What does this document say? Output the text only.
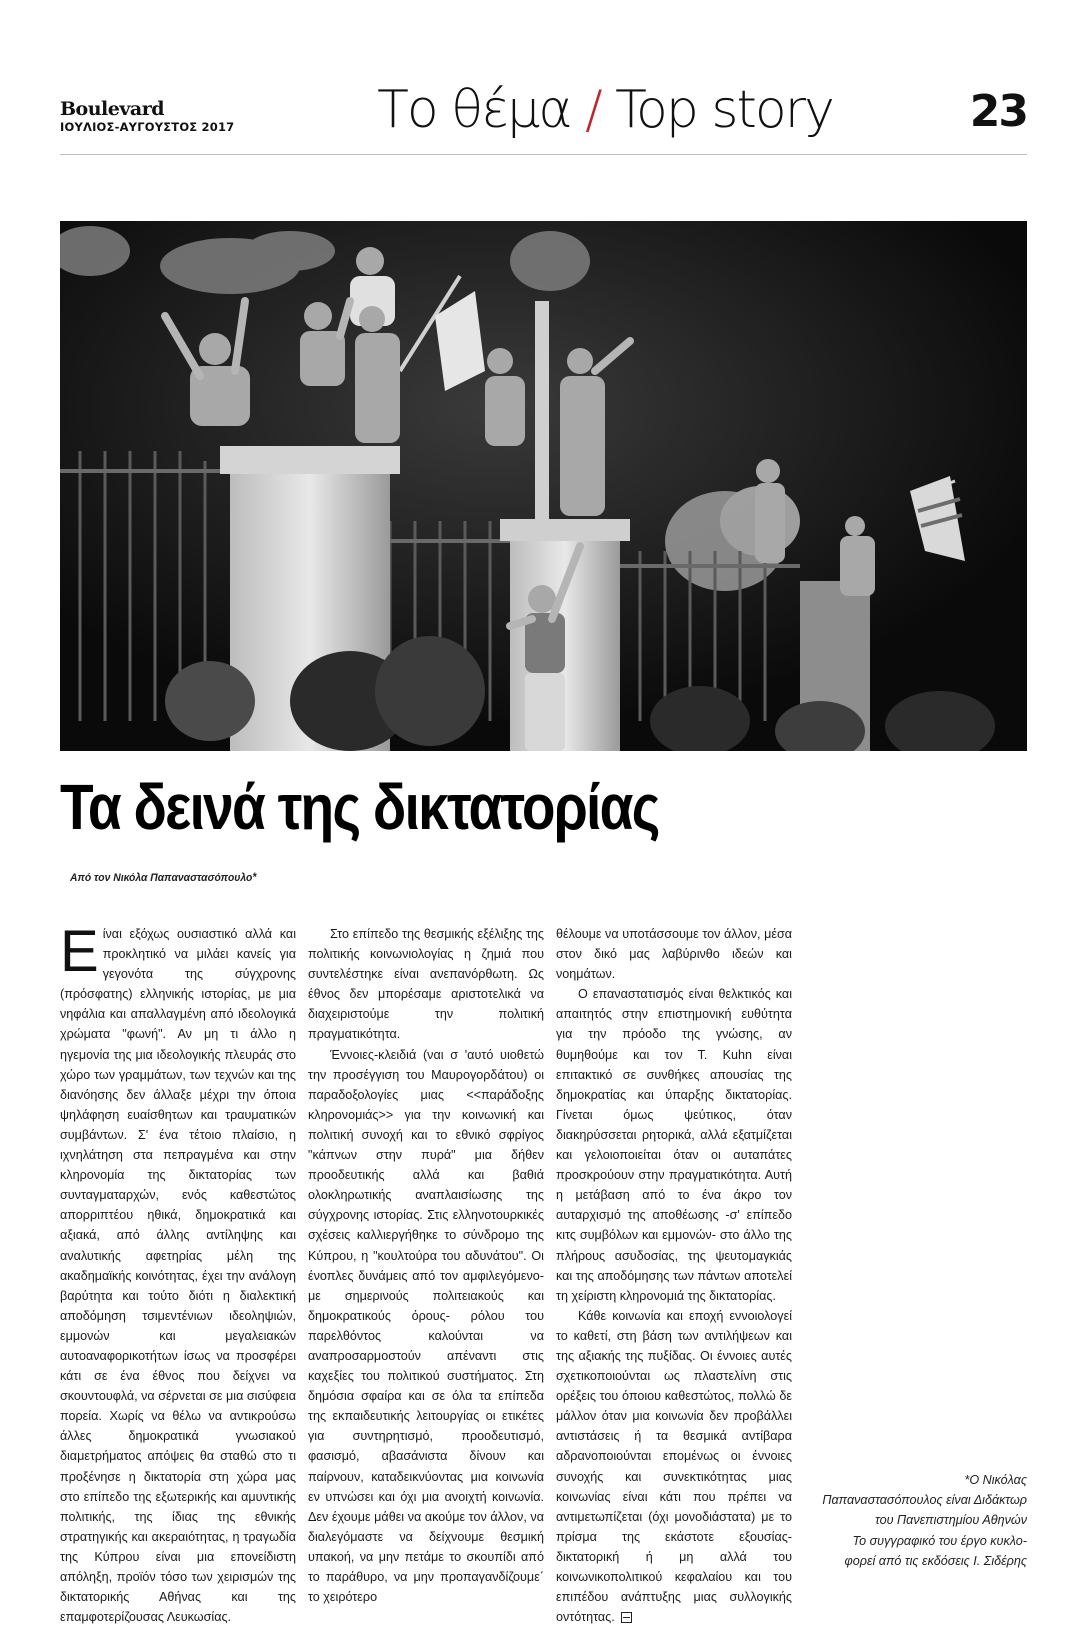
Boulevard
ΙΟΥΛΙΟΣ-ΑΥΓΟΥΣΤΟΣ 2017	Το θέμα / Top story	23
Τα δεινά της δικτατορίας
Από τον Νικόλα Παπαναστασόπουλο*

Είναι εξόχως ουσιαστικό αλλά και προκλητικό να μιλάει κανείς για γεγονότα της σύγχρονης (πρόσφατης) ελληνικής ιστορίας, με μια νηφάλια και απαλλαγμένη από ιδεολογικά χρώματα "φωνή". Αν μη τι άλλο η ηγεμονία της μια ιδεολογικής πλευράς στο χώρο των γραμμάτων, των τεχνών και της διανόησης δεν άλλαξε μέχρι την όποια ψηλάφηση ευαίσθητων και τραυματικών συμβάντων. Σ' ένα τέτοιο πλαίσιο, η ιχνηλάτηση στα πεπραγμένα και στην κληρονομία της δικτατορίας των συνταγματαρχών, ενός καθεστώτος απορριπτέου ηθικά, δημοκρατικά και αξιακά, από άλλης αντίληψης και αναλυτικής αφετηρίας μέλη της ακαδημαϊκής κοινότητας, έχει την ανάλογη βαρύτητα και τούτο διότι η διαλεκτική αποδόμηση τσιμεντένιων ιδεοληψιών, εμμονών και μεγαλειακών αυτοαναφορικοτήτων ίσως να προσφέρει κάτι σε ένα έθνος που δείχνει να σκουντουφλά, να σέρνεται σε μια σισύφεια πορεία. Χωρίς να θέλω να αντικρούσω άλλες δημοκρατικά γνωσιακού διαμετρήματος απόψεις θα σταθώ στο τι προξένησε η δικτατορία στη χώρα μας στο επίπεδο της εξωτερικής και αμυντικής πολιτικής, της ίδιας της εθνικής στρατηγικής και ακεραιότητας, η τραγωδία της Κύπρου είναι μια επονείδιστη απόληξη, προϊόν τόσο των χειρισμών της δικτατορικής Αθήνας και της επαμφοτερίζουσας Λευκωσίας.

Στο επίπεδο της θεσμικής εξέλιξης της πολιτικής κοινωνιολογίας η ζημιά που συντελέστηκε είναι ανεπανόρθωτη. Ως έθνος δεν μπορέσαμε αριστοτελικά να διαχειριστούμε την πολιτική πραγματικότητα.

Έννοιες-κλειδιά (ναι σ 'αυτό υιοθετώ την προσέγγιση του Μαυρογορδάτου) οι παραδοξολογίες μιας <<παράδοξης κληρονομιάς>> για την κοινωνική και πολιτική συνοχή και το εθνικό σφρίγος "κάπνων στην πυρά" μια δήθεν προοδευτικής αλλά και βαθιά ολοκληρωτικής αναπλαισίωσης της σύγχρονης ιστορίας. Στις ελληνοτουρκικές σχέσεις καλλιεργήθηκε το σύνδρομο της Κύπρου, η "κουλτούρα του αδυνάτου". Οι ένοπλες δυνάμεις από τον αμφιλεγόμενο- με σημερινούς πολιτειακούς και δημοκρατικούς όρους- ρόλου του παρελθόντος καλούνται να αναπροσαρμοστούν απέναντι στις καχεξίες του πολιτικού συστήματος. Στη δημόσια σφαίρα και σε όλα τα επίπεδα της εκπαιδευτικής λειτουργίας οι ετικέτες για συντηρητισμό, προοδευτισμό, φασισμό, αβασάνιστα δίνουν και παίρνουν, καταδεικνύοντας μια κοινωνία εν υπνώσει και όχι μια ανοιχτή κοινωνία. Δεν έχουμε μάθει να ακούμε τον άλλον, να διαλεγόμαστε να δείχνουμε θεσμική υπακοή, να μην πετάμε το σκουπίδι από το παράθυρο, να μην προπαγανδίζουμε΄ το χειρότερο

θέλουμε να υποτάσσουμε τον άλλον, μέσα στον δικό μας λαβύρινθο ιδεών και νοημάτων.

Ο επαναστατισμός είναι θελκτικός και απαιτητός στην επιστημονική ευθύτητα για την πρόοδο της γνώσης, αν θυμηθούμε και τον Τ. Kuhn είναι επιτακτικό σε συνθήκες απουσίας της δημοκρατίας και ύπαρξης δικτατορίας. Γίνεται όμως ψεύτικος, όταν διακηρύσσεται ρητορικά, αλλά εξατμίζεται και γελοιοποιείται όταν οι αυταπάτες προσκρούουν στην πραγματικότητα. Αυτή η μετάβαση από το ένα άκρο τον αυταρχισμό της αποθέωσης -σ' επίπεδο κιτς συμβόλων και εμμονών- στο άλλο της πλήρους ασυδοσίας, της ψευτομαγκιάς και της αποδόμησης των πάντων αποτελεί τη χείριστη κληρονομιά της δικτατορίας.

Κάθε κοινωνία και εποχή εννοιολογεί το καθετί, στη βάση των αντιλήψεων και της αξιακής της πυξίδας. Οι έννοιες αυτές σχετικοποιούνται ως πλαστελίνη στις ορέξεις του όποιου καθεστώτος, πολλώ δε μάλλον όταν μια κοινωνία δεν προβάλλει αντιστάσεις ή τα θεσμικά αντίβαρα αδρανοποιούνται επομένως οι έννοιες συνοχής και συνεκτικότητας μιας κοινωνίας είναι κάτι που πρέπει να αντιμετωπίζεται (όχι μονοδιάστατα) με το πρίσμα της εκάστοτε εξουσίας- δικτατορική ή μη αλλά του κοινωνικοπολιτικού κεφαλαίου και του επιπέδου ανάπτυξης μιας συλλογικής οντότητας.

*Ο Νικόλας
Παπαναστασόπουλος είναι Διδάκτωρ
του Πανεπιστημίου Αθηνών
Το συγγραφικό του έργο κυκλο-
φορεί από τις εκδόσεις Ι. Σιδέρης
